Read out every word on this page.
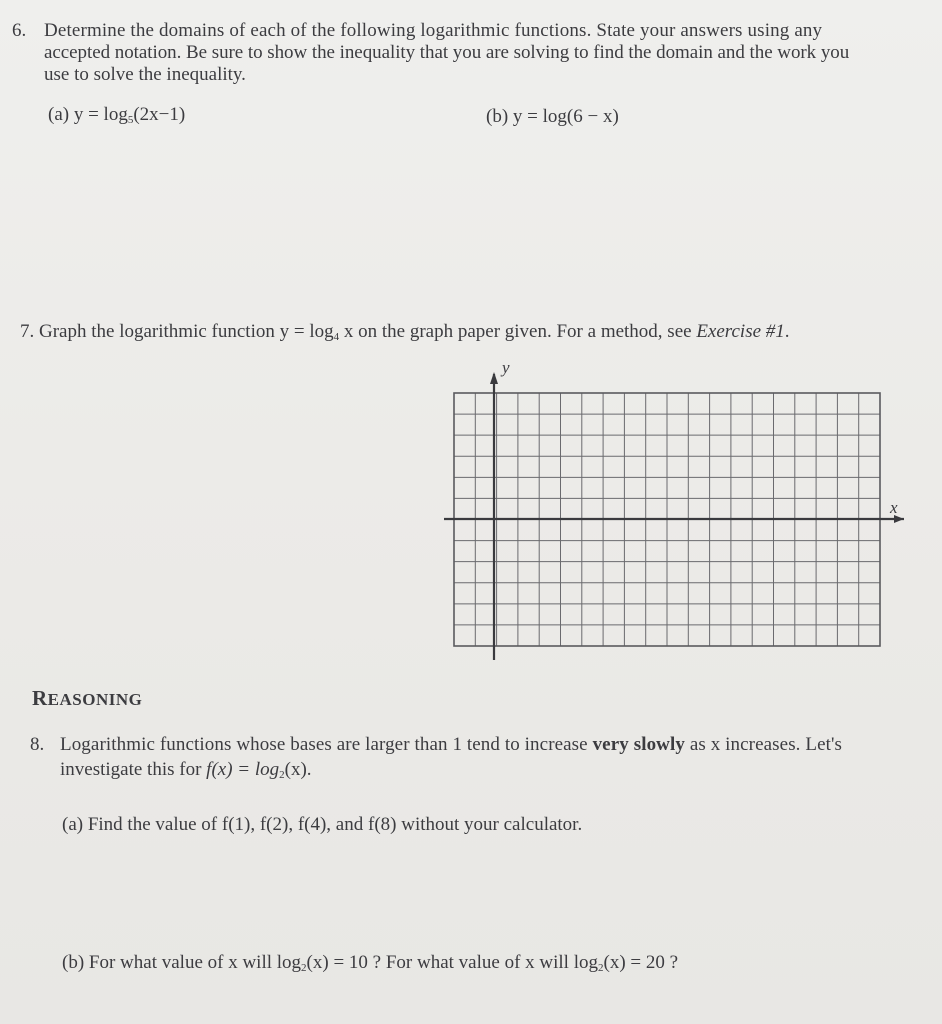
6. Determine the domains of each of the following logarithmic functions. State your answers using any
accepted notation. Be sure to show the inequality that you are solving to find the domain and the work you
use to solve the inequality.
(a) $y = \log_5(2x-1)$	(b) y = log(6 − x)
7. Graph the logarithmic function $y = \log_4 x$ on the graph paper given. For a method, see Exercise #1.
y
x
REASONING
8. Logarithmic functions whose bases are larger than 1 tend to increase very slowly as x increases. Let's
investigate this for $f(x) = \log_2(x)$.
(a) Find the value of f(1), f(2), f(4), and f(8) without your calculator.
(b) For what value of x will $\log_2(x) = 10$ ? For what value of x will $\log_2(x) = 20$ ?
